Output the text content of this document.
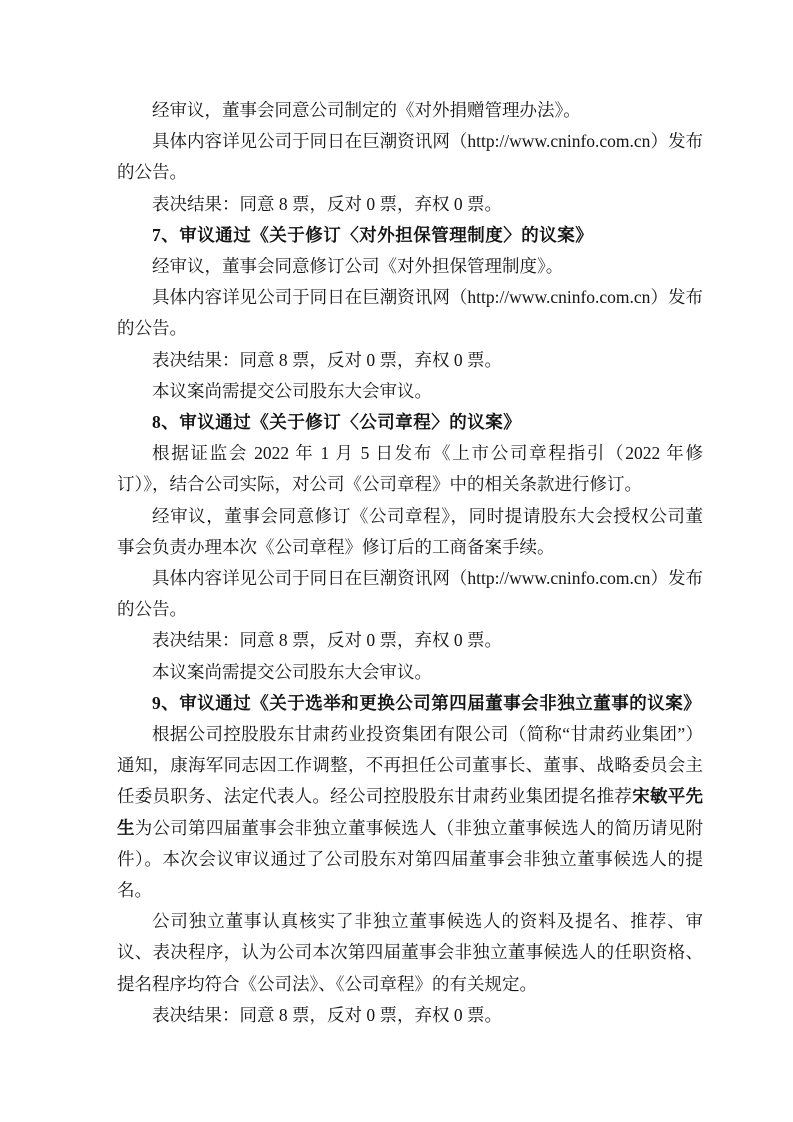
经审议，董事会同意公司制定的《对外捐赠管理办法》。

具体内容详见公司于同日在巨潮资讯网（http://www.cninfo.com.cn）发布的公告。

表决结果：同意 8 票，反对 0 票，弃权 0 票。

7、审议通过《关于修订〈对外担保管理制度〉的议案》

经审议，董事会同意修订公司《对外担保管理制度》。

具体内容详见公司于同日在巨潮资讯网（http://www.cninfo.com.cn）发布的公告。

表决结果：同意 8 票，反对 0 票，弃权 0 票。

本议案尚需提交公司股东大会审议。

8、审议通过《关于修订〈公司章程〉的议案》

根据证监会 2022 年 1 月 5 日发布《上市公司章程指引（2022 年修订）》，结合公司实际，对公司《公司章程》中的相关条款进行修订。

经审议，董事会同意修订《公司章程》，同时提请股东大会授权公司董事会负责办理本次《公司章程》修订后的工商备案手续。

具体内容详见公司于同日在巨潮资讯网（http://www.cninfo.com.cn）发布的公告。

表决结果：同意 8 票，反对 0 票，弃权 0 票。

本议案尚需提交公司股东大会审议。

9、审议通过《关于选举和更换公司第四届董事会非独立董事的议案》

根据公司控股股东甘肃药业投资集团有限公司（简称“甘肃药业集团”）通知，康海军同志因工作调整，不再担任公司董事长、董事、战略委员会主任委员职务、法定代表人。经公司控股股东甘肃药业集团提名推荐宋敏平先生为公司第四届董事会非独立董事候选人（非独立董事候选人的简历请见附件）。本次会议审议通过了公司股东对第四届董事会非独立董事候选人的提名。

公司独立董事认真核实了非独立董事候选人的资料及提名、推荐、审议、表决程序，认为公司本次第四届董事会非独立董事候选人的任职资格、提名程序均符合《公司法》、《公司章程》的有关规定。

表决结果：同意 8 票，反对 0 票，弃权 0 票。
